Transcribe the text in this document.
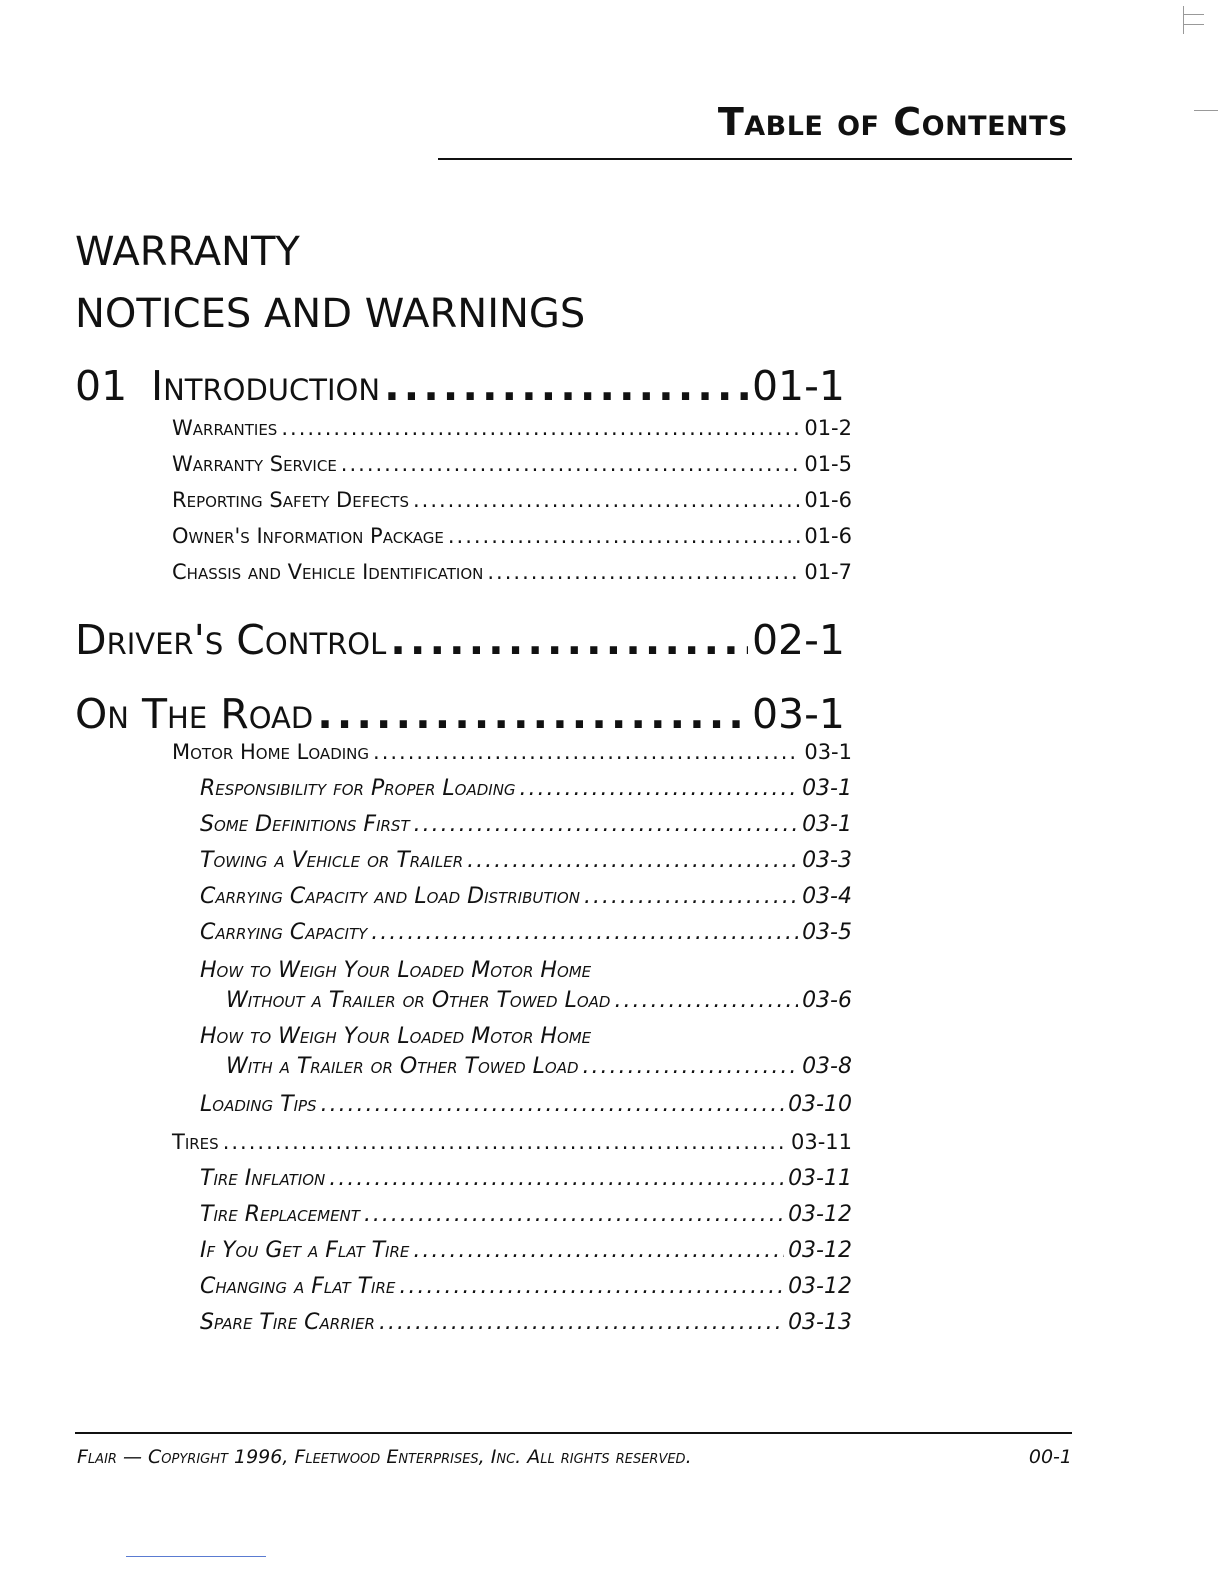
Table of Contents
WARRANTY
NOTICES AND WARNINGS
01 Introduction .....	01-1
Warranties .....	01-2
Warranty Service .....	01-5
Reporting Safety Defects .....	01-6
Owner's Information Package .....	01-6
Chassis and Vehicle Identification .....	01-7
Driver's Control .....	02-1
On The Road .....	03-1
Motor Home Loading .....	03-1
Responsibility for Proper Loading .....	03-1
Some Definitions First .....	03-1
Towing a Vehicle or Trailer .....	03-3
Carrying Capacity and Load Distribution .....	03-4
Carrying Capacity .....	03-5
How to Weigh Your Loaded Motor Home
Without a Trailer or Other Towed Load .....	03-6
How to Weigh Your Loaded Motor Home
With a Trailer or Other Towed Load .....	03-8
Loading Tips .....	03-10
Tires .....	03-11
Tire Inflation .....	03-11
Tire Replacement .....	03-12
If You Get a Flat Tire .....	03-12
Changing a Flat Tire .....	03-12
Spare Tire Carrier .....	03-13
Flair — Copyright 1996, Fleetwood Enterprises, Inc. All rights reserved.	00-1
